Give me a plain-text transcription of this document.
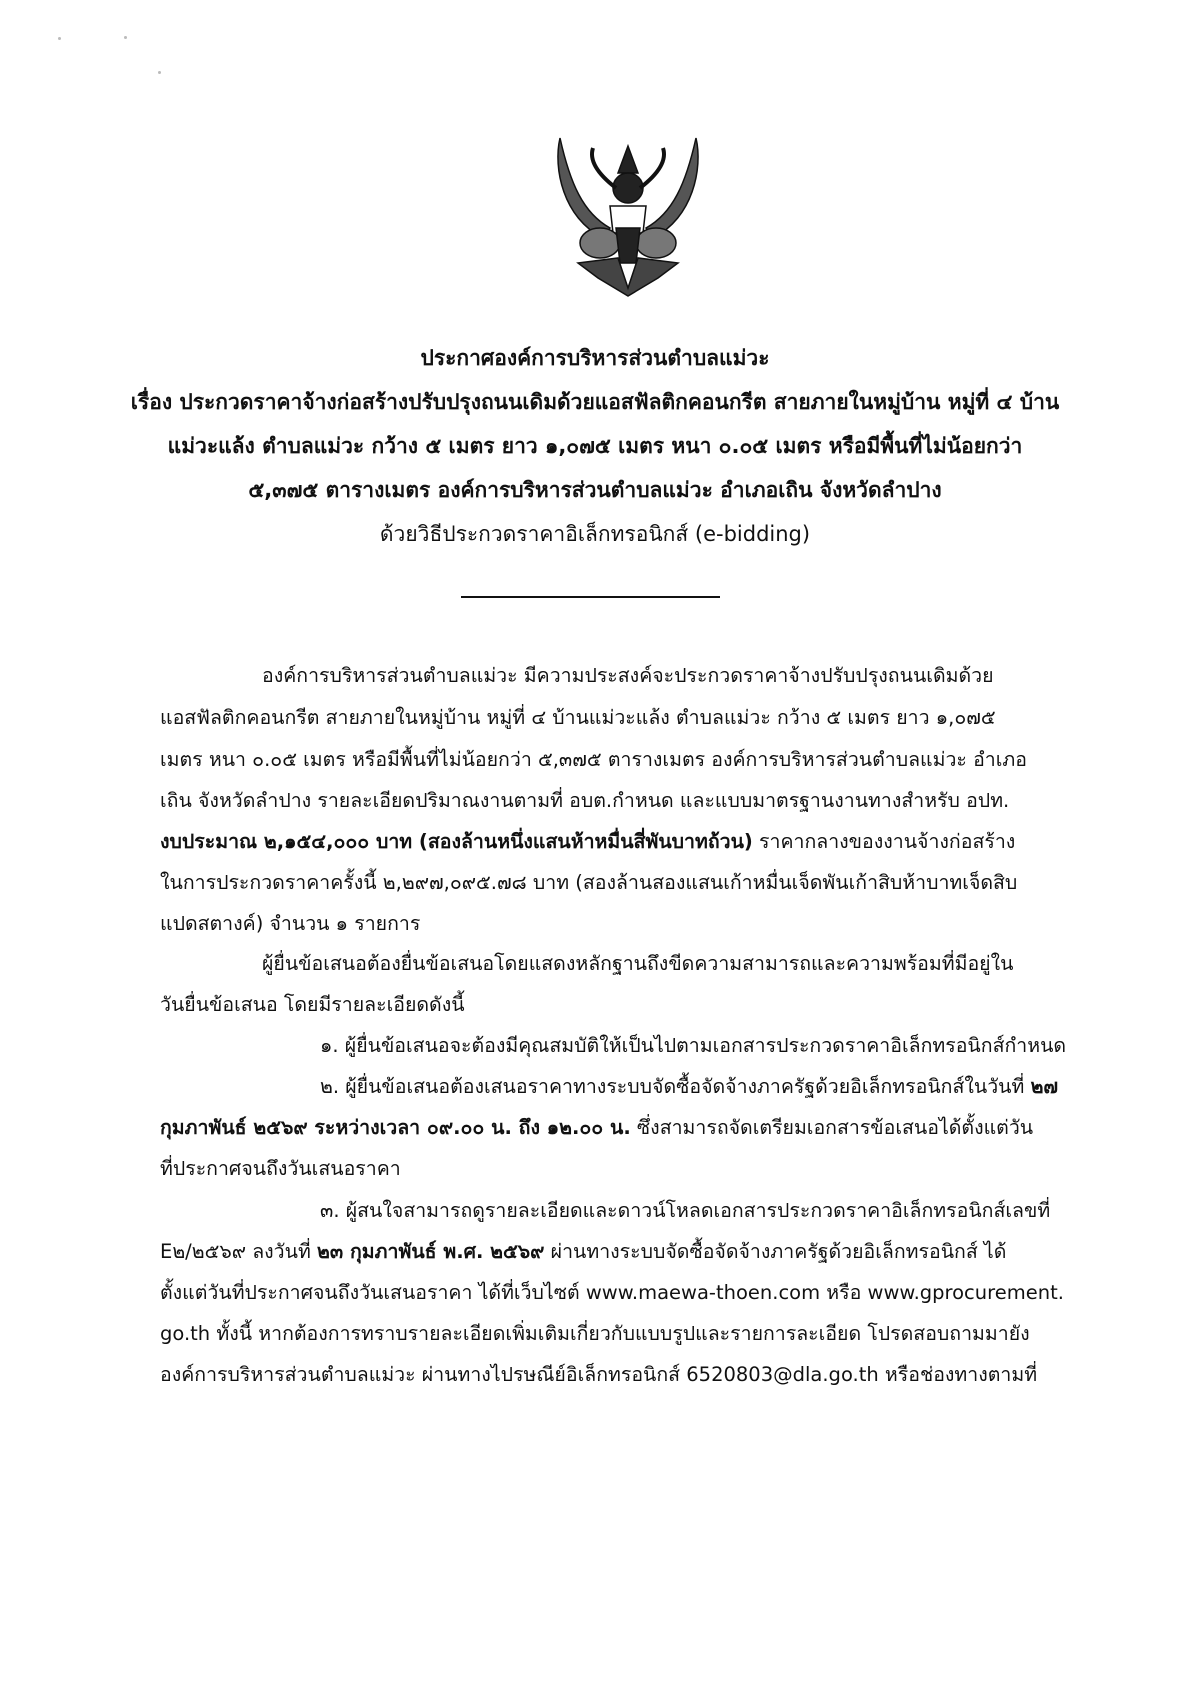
ประกาศองค์การบริหารส่วนตำบลแม่วะ
เรื่อง ประกวดราคาจ้างก่อสร้างปรับปรุงถนนเดิมด้วยแอสฟัลติกคอนกรีต สายภายในหมู่บ้าน หมู่ที่ ๔ บ้าน
แม่วะแล้ง ตำบลแม่วะ กว้าง ๕ เมตร ยาว ๑,๐๗๕ เมตร หนา ๐.๐๕ เมตร หรือมีพื้นที่ไม่น้อยกว่า
๕,๓๗๕ ตารางเมตร องค์การบริหารส่วนตำบลแม่วะ อำเภอเถิน จังหวัดลำปาง
ด้วยวิธีประกวดราคาอิเล็กทรอนิกส์ (e-bidding)
องค์การบริหารส่วนตำบลแม่วะ มีความประสงค์จะประกวดราคาจ้างปรับปรุงถนนเดิมด้วย
แอสฟัลติกคอนกรีต สายภายในหมู่บ้าน หมู่ที่ ๔ บ้านแม่วะแล้ง ตำบลแม่วะ กว้าง ๕ เมตร ยาว ๑,๐๗๕
เมตร หนา ๐.๐๕ เมตร หรือมีพื้นที่ไม่น้อยกว่า ๕,๓๗๕ ตารางเมตร องค์การบริหารส่วนตำบลแม่วะ อำเภอ
เถิน จังหวัดลำปาง รายละเอียดปริมาณงานตามที่ อบต.กำหนด และแบบมาตรฐานงานทางสำหรับ อปท.
งบประมาณ ๒,๑๕๔,๐๐๐ บาท (สองล้านหนึ่งแสนห้าหมื่นสี่พันบาทถ้วน) ราคากลางของงานจ้างก่อสร้าง
ในการประกวดราคาครั้งนี้ ๒,๒๙๗,๐๙๕.๗๘ บาท (สองล้านสองแสนเก้าหมื่นเจ็ดพันเก้าสิบห้าบาทเจ็ดสิบ
แปดสตางค์) จำนวน ๑ รายการ
ผู้ยื่นข้อเสนอต้องยื่นข้อเสนอโดยแสดงหลักฐานถึงขีดความสามารถและความพร้อมที่มีอยู่ใน
วันยื่นข้อเสนอ โดยมีรายละเอียดดังนี้
๑. ผู้ยื่นข้อเสนอจะต้องมีคุณสมบัติให้เป็นไปตามเอกสารประกวดราคาอิเล็กทรอนิกส์กำหนด
๒. ผู้ยื่นข้อเสนอต้องเสนอราคาทางระบบจัดซื้อจัดจ้างภาครัฐด้วยอิเล็กทรอนิกส์ในวันที่ ๒๗
กุมภาพันธ์ ๒๕๖๙ ระหว่างเวลา ๐๙.๐๐ น. ถึง ๑๒.๐๐ น. ซึ่งสามารถจัดเตรียมเอกสารข้อเสนอได้ตั้งแต่วัน
ที่ประกาศจนถึงวันเสนอราคา
๓. ผู้สนใจสามารถดูรายละเอียดและดาวน์โหลดเอกสารประกวดราคาอิเล็กทรอนิกส์เลขที่
E๒/๒๕๖๙ ลงวันที่ ๒๓ กุมภาพันธ์ พ.ศ. ๒๕๖๙ ผ่านทางระบบจัดซื้อจัดจ้างภาครัฐด้วยอิเล็กทรอนิกส์ ได้
ตั้งแต่วันที่ประกาศจนถึงวันเสนอราคา ได้ที่เว็บไซต์ www.maewa-thoen.com หรือ www.gprocurement.
go.th ทั้งนี้ หากต้องการทราบรายละเอียดเพิ่มเติมเกี่ยวกับแบบรูปและรายการละเอียด โปรดสอบถามมายัง
องค์การบริหารส่วนตำบลแม่วะ ผ่านทางไปรษณีย์อิเล็กทรอนิกส์ 6520803@dla.go.th หรือช่องทางตามที่
